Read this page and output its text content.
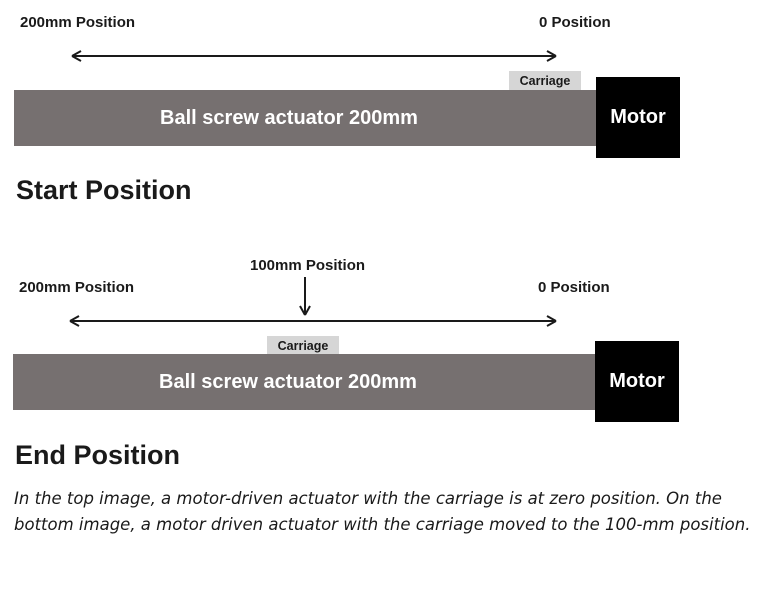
200mm Position	0 Position
Carriage
Ball screw actuator 200mm	Motor
Start Position
100mm Position
200mm Position	0 Position
Carriage
Ball screw actuator 200mm	Motor
End Position

In the top image, a motor-driven actuator with the carriage is at zero position. On the
bottom image, a motor driven actuator with the carriage moved to the 100-mm position.
